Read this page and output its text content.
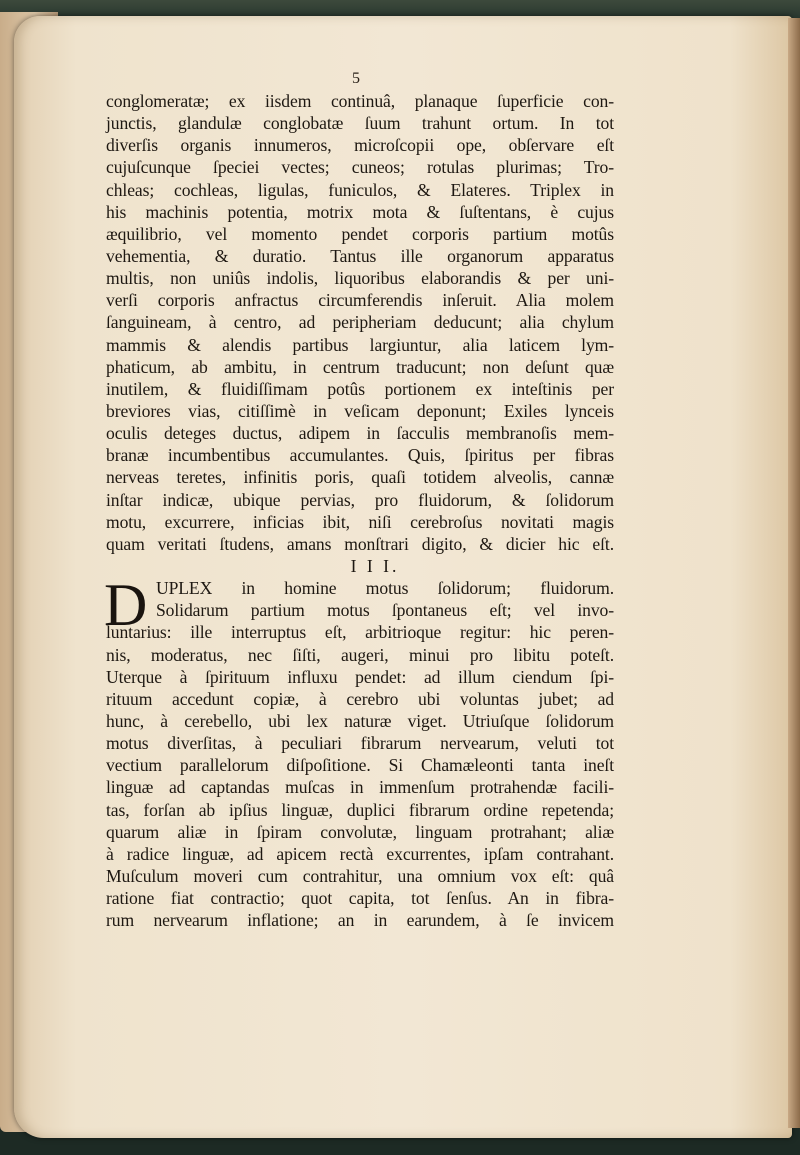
5
conglomeratæ; ex iisdem continuâ, planaque ſuperficie con-
junctis, glandulæ conglobatæ ſuum trahunt ortum. In tot
diverſis organis innumeros, microſcopii ope, obſervare eſt
cujuſcunque ſpeciei vectes; cuneos; rotulas plurimas; Tro-
chleas; cochleas, ligulas, funiculos, & Elateres. Triplex in
his machinis potentia, motrix mota & ſuſtentans, è cujus
æquilibrio, vel momento pendet corporis partium motûs
vehementia, & duratio. Tantus ille organorum apparatus
multis, non uniûs indolis, liquoribus elaborandis & per uni-
verſi corporis anfractus circumferendis inſeruit. Alia molem
ſanguineam, à centro, ad peripheriam deducunt; alia chylum
mammis & alendis partibus largiuntur, alia laticem lym-
phaticum, ab ambitu, in centrum traducunt; non deſunt quæ
inutilem, & fluidiſſimam potûs portionem ex inteſtinis per
breviores vias, citiſſimè in veſicam deponunt; Exiles lynceis
oculis deteges ductus, adipem in ſacculis membranoſis mem-
branæ incumbentibus accumulantes. Quis, ſpiritus per fibras
nerveas teretes, infinitis poris, quaſi totidem alveolis, cannæ
inſtar indicæ, ubique pervias, pro fluidorum, & ſolidorum
motu, excurrere, inficias ibit, niſi cerebroſus novitati magis
quam veritati ſtudens, amans monſtrari digito, & dicier hic eſt.
I I I.
D UPLEX in homine motus ſolidorum; fluidorum.
Solidarum partium motus ſpontaneus eſt; vel invo-
luntarius: ille interruptus eſt, arbitrioque regitur: hic peren-
nis, moderatus, nec ſiſti, augeri, minui pro libitu poteſt.
Uterque à ſpirituum influxu pendet: ad illum ciendum ſpi-
rituum accedunt copiæ, à cerebro ubi voluntas jubet; ad
hunc, à cerebello, ubi lex naturæ viget. Utriuſque ſolidorum
motus diverſitas, à peculiari fibrarum nervearum, veluti tot
vectium parallelorum diſpoſitione. Si Chamæleonti tanta ineſt
linguæ ad captandas muſcas in immenſum protrahendæ facili-
tas, forſan ab ipſius linguæ, duplici fibrarum ordine repetenda;
quarum aliæ in ſpiram convolutæ, linguam protrahant; aliæ
à radice linguæ, ad apicem rectà excurrentes, ipſam contrahant.
Muſculum moveri cum contrahitur, una omnium vox eſt: quâ
ratione fiat contractio; quot capita, tot ſenſus. An in fibra-
rum nervearum inflatione; an in earundem, à ſe invicem
